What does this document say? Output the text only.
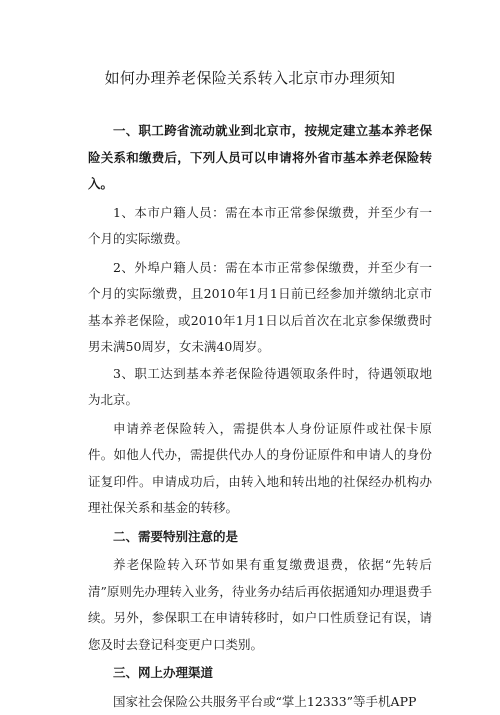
如何办理养老保险关系转入北京市办理须知

一、职工跨省流动就业到北京市，按规定建立基本养老保险关系和缴费后，下列人员可以申请将外省市基本养老保险转入。

1、本市户籍人员：需在本市正常参保缴费，并至少有一个月的实际缴费。

2、外埠户籍人员：需在本市正常参保缴费，并至少有一个月的实际缴费，且2010年1月1日前已经参加并缴纳北京市基本养老保险，或2010年1月1日以后首次在北京参保缴费时男未满50周岁，女未满40周岁。

3、职工达到基本养老保险待遇领取条件时，待遇领取地为北京。

申请养老保险转入，需提供本人身份证原件或社保卡原件。如他人代办，需提供代办人的身份证原件和申请人的身份证复印件。申请成功后，由转入地和转出地的社保经办机构办理社保关系和基金的转移。

二、需要特别注意的是

养老保险转入环节如果有重复缴费退费，依据“先转后清”原则先办理转入业务，待业务办结后再依据通知办理退费手续。另外，参保职工在申请转移时，如户口性质登记有误，请您及时去登记科变更户口类别。

三、网上办理渠道

国家社会保险公共服务平台或“掌上12333”等手机APP
